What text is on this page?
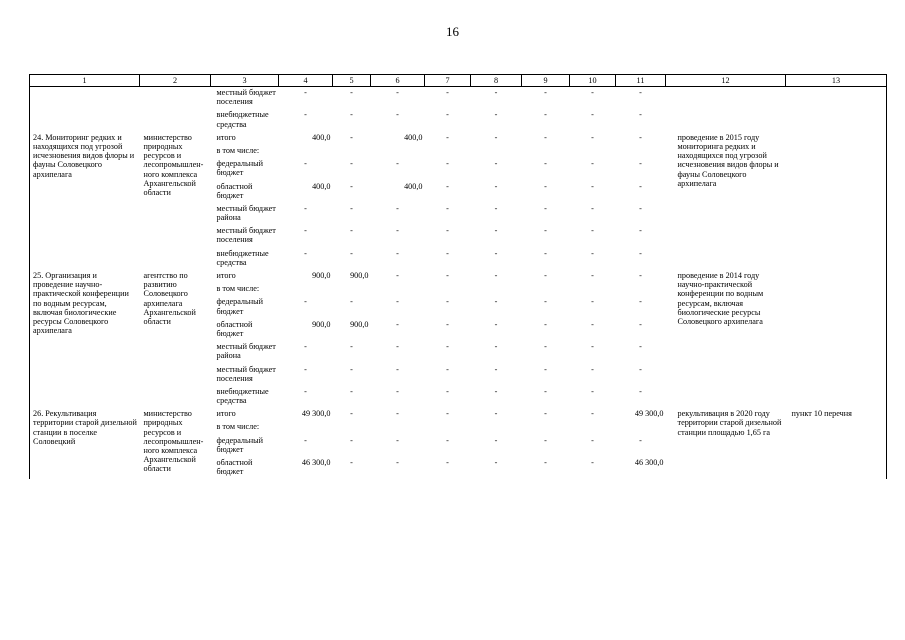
16
1	2	3	4	5	6	7	8	9	10	11	12	13
		местный бюджет поселения	-	-	-	-	-	-	-	-		
		внебюджетные средства	-	-	-	-	-	-	-	-		
24. Мониторинг редких и находящихся под угрозой исчезновения видов флоры и фауны Соловецкого архипелага	министерство природных ресурсов и лесопромышлен-ного комплекса Архангельской области	итого	400,0	-	400,0	-	-	-	-	-	проведение в 2015 году мониторинга редких и находящихся под угрозой исчезновения видов флоры и фауны Соловецкого архипелага	
		в том числе:										
		федеральный бюджет	-	-	-	-	-	-	-	-		
		областной бюджет	400,0	-	400,0	-	-	-	-	-		
		местный бюджет района	-	-	-	-	-	-	-	-		
		местный бюджет поселения	-	-	-	-	-	-	-	-		
		внебюджетные средства	-	-	-	-	-	-	-	-		
25. Организация и проведение научно-практической конференции по водным ресурсам, включая биологические ресурсы Соловецкого архипелага	агентство по развитию Соловецкого архипелага Архангельской области	итого	900,0	900,0	-	-	-	-	-	-	проведение в 2014 году научно-практической конференции по водным ресурсам, включая биологические ресурсы Соловецкого архипелага	
		в том числе:										
		федеральный бюджет	-	-	-	-	-	-	-	-		
		областной бюджет	900,0	900,0	-	-	-	-	-	-		
		местный бюджет района	-	-	-	-	-	-	-	-		
		местный бюджет поселения	-	-	-	-	-	-	-	-		
		внебюджетные средства	-	-	-	-	-	-	-	-		
26. Рекультивация территории старой дизельной станции в поселке Соловецкий	министерство природных ресурсов и лесопромышлен-ного комплекса Архангельской области	итого	49 300,0	-	-	-	-	-	-	49 300,0	рекультивация в 2020 году территории старой дизельной станции площадью 1,65 га	пункт 10 перечня
		в том числе:										
		федеральный бюджет	-	-	-	-	-	-	-	-		
		областной бюджет	46 300,0	-	-	-	-	-	-	46 300,0		
